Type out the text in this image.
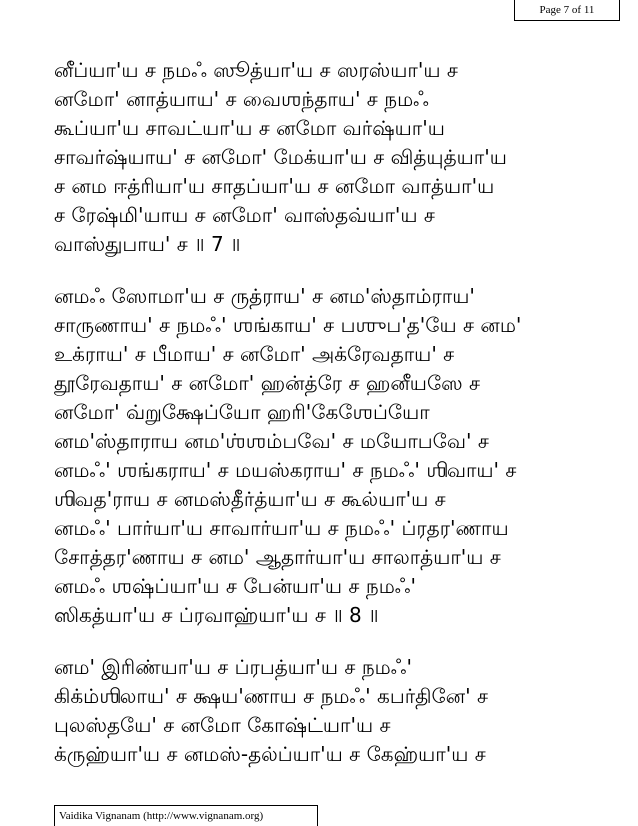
Page 7 of 11
னீப்யா'ய ச நமஃ ஸூத்யா'ய ச ஸரஸ்யா'ய ச
னமோ' னாத்யாய' ச வைஶந்தாய' ச நமஃ
கூப்யா'ய சாவட்யா'ய ச னமோ வர்ஷ்யா'ய
சாவர்ஷ்யாய' ச னமோ' மேக்யா'ய ச வித்யுத்யா'ய
ச னம ஈத்ரியா'ய சாதப்யா'ய ச னமோ வாத்யா'ய
ச ரேஷ்மி'யாய ச னமோ' வாஸ்தவ்யா'ய ச
வாஸ்துபாய' ச ॥ 7 ॥
னமஃ ஸோமா'ய ச ருத்ராய' ச னம'ஸ்தாம்ராய'
சாருணாய' ச நமஃ' ஶங்காய' ச பஶுப'த'யே ச னம'
உக்ராய' ச பீமாய' ச னமோ' அக்ரேவதாய' ச
தூரேவதாய' ச னமோ' ஹன்த்ரே ச ஹனீயஸே ச
னமோ' வ்றுக்ஷேப்யோ ஹரி'கேஶேப்யோ
னம'ஸ்தாராய னம'ஶ்ஶம்பவே' ச மயோபவே' ச
னமஃ' ஶங்கராய' ச மயஸ்கராய' ச நமஃ' ஶிவாய' ச
ஶிவத'ராய ச னமஸ்தீர்த்யா'ய ச கூல்யா'ய ச
னமஃ' பார்யா'ய சாவார்யா'ய ச நமஃ' ப்ரதர'ணாய
சோத்தர'ணாய ச னம' ஆதார்யா'ய சாலாத்யா'ய ச
னமஃ ஶஷ்ப்யா'ய ச பேன்யா'ய ச நமஃ'
ஸிகத்யா'ய ச ப்ரவாஹ்யா'ய ச ॥ 8 ॥
னம' இரிண்யா'ய ச ப்ரபத்யா'ய ச நமஃ'
கிக்ம்ஶிலாய' ச க்ஷய'ணாய ச நமஃ' கபர்தினே' ச
புலஸ்தயே' ச னமோ கோஷ்ட்யா'ய ச
க்ருஹ்யா'ய ச னமஸ்-தல்ப்யா'ய ச கேஹ்யா'ய ச
Vaidika Vignanam (http://www.vignanam.org)
